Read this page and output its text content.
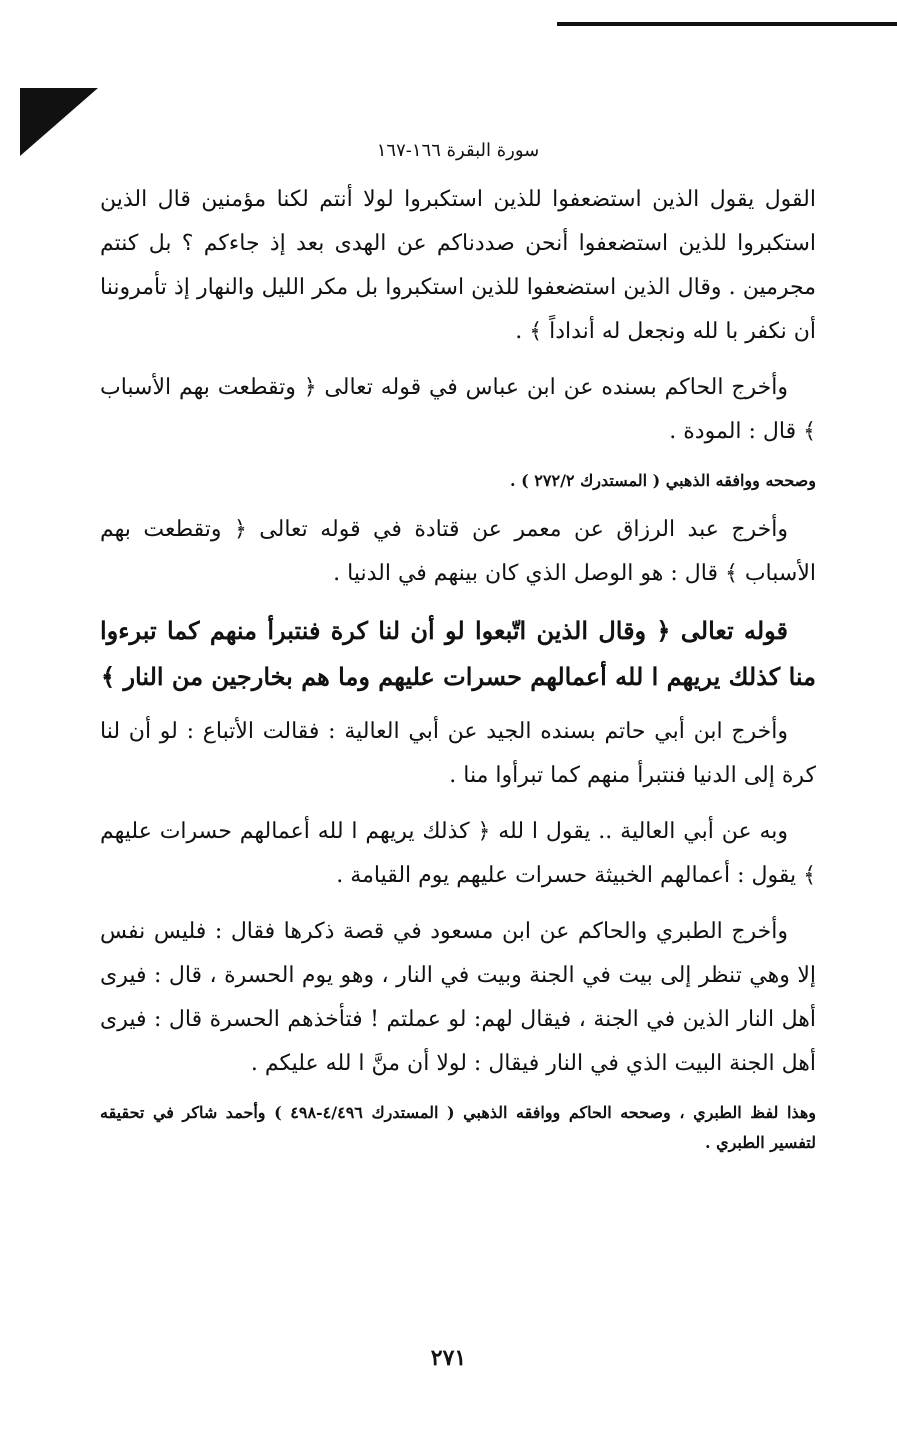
سورة البقرة ١٦٦-١٦٧

القول يقول الذين استضعفوا للذين استكبروا لولا أنتم لكنا مؤمنين قال الذين استكبروا للذين استضعفوا أنحن صددناكم عن الهدى بعد إذ جاءكم ؟ بل كنتم مجرمين . وقال الذين استضعفوا للذين استكبروا بل مكر الليل والنهار إذ تأمروننا أن نكفر با لله ونجعل له أنداداً ﴾ .

وأخرج الحاكم بسنده عن ابن عباس في قوله تعالى ﴿ وتقطعت بهم الأسباب ﴾ قال : المودة .

وصححه ووافقه الذهبي ( المستدرك ٢٧٢/٢ ) .

وأخرج عبد الرزاق عن معمر عن قتادة في قوله تعالى ﴿ وتقطعت بهم الأسباب ﴾ قال : هو الوصل الذي كان بينهم في الدنيا .

قوله تعالى ﴿ وقال الذين اتّبعوا لو أن لنا كرة فنتبرأ منهم كما تبرءوا منا كذلك يريهم ا لله أعمالهم حسرات عليهم وما هم بخارجين من النار ﴾

وأخرج ابن أبي حاتم بسنده الجيد عن أبي العالية : فقالت الأتباع : لو أن لنا كرة إلى الدنيا فنتبرأ منهم كما تبرأوا منا .

وبه عن أبي العالية .. يقول ا لله ﴿ كذلك يريهم ا لله أعمالهم حسرات عليهم ﴾ يقول : أعمالهم الخبيثة حسرات عليهم يوم القيامة .

وأخرج الطبري والحاكم عن ابن مسعود في قصة ذكرها فقال : فليس نفس إلا وهي تنظر إلى بيت في الجنة وبيت في النار ، وهو يوم الحسرة ، قال : فيرى أهل النار الذين في الجنة ، فيقال لهم: لو عملتم ! فتأخذهم الحسرة قال : فيرى أهل الجنة البيت الذي في النار فيقال : لولا أن منَّ ا لله عليكم .

وهذا لفظ الطبري ، وصححه الحاكم ووافقه الذهبي ( المستدرك ٤/٤٩٦-٤٩٨ ) وأحمد شاكر في تحقيقه لتفسير الطبري .

٢٧١
